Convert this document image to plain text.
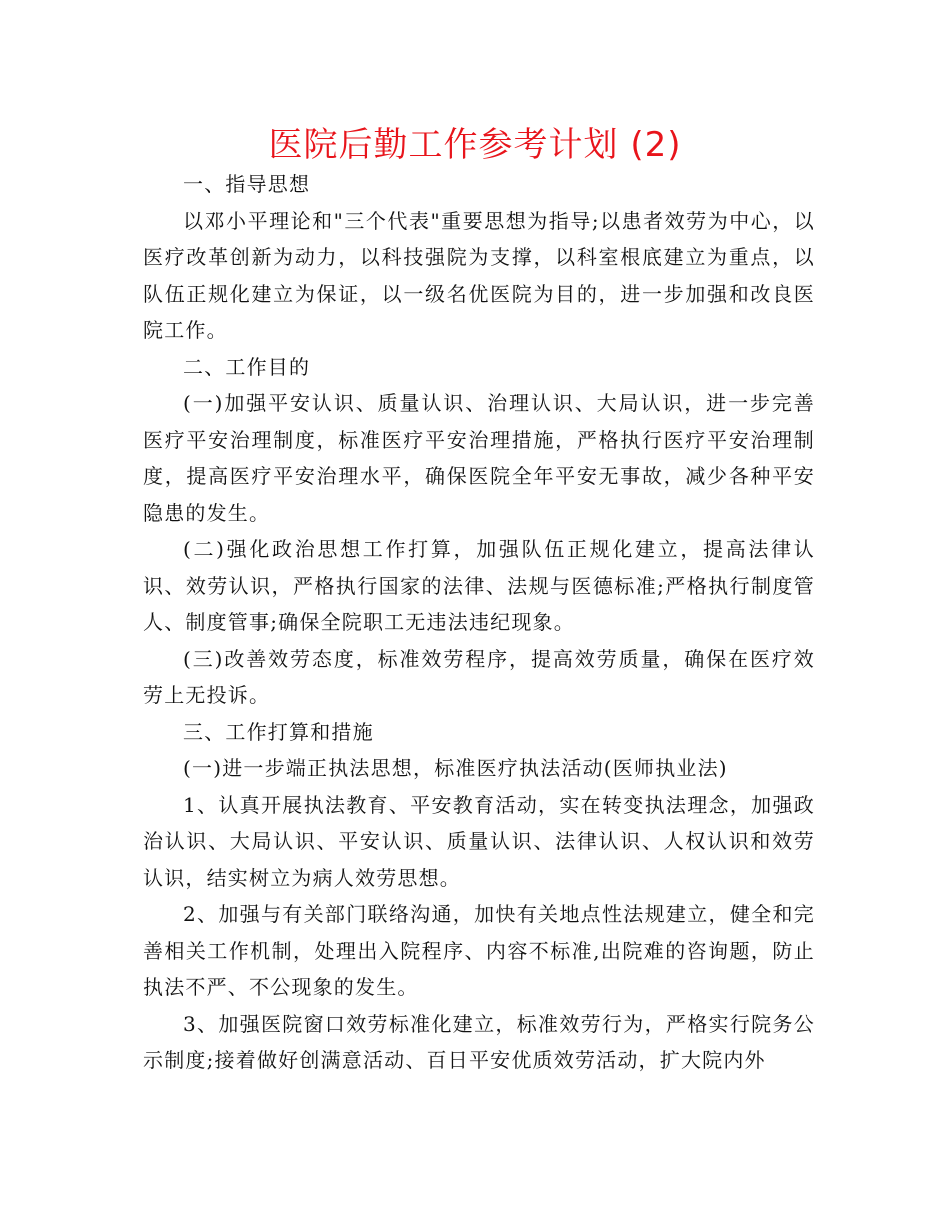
医院后勤工作参考计划 (2)

一、指导思想

以邓小平理论和"三个代表"重要思想为指导;以患者效劳为中心，以医疗改革创新为动力，以科技强院为支撑，以科室根底建立为重点，以队伍正规化建立为保证，以一级名优医院为目的，进一步加强和改良医院工作。

二、工作目的

(一)加强平安认识、质量认识、治理认识、大局认识，进一步完善医疗平安治理制度，标准医疗平安治理措施，严格执行医疗平安治理制度，提高医疗平安治理水平，确保医院全年平安无事故，减少各种平安隐患的发生。

(二)强化政治思想工作打算，加强队伍正规化建立，提高法律认识、效劳认识，严格执行国家的法律、法规与医德标准;严格执行制度管人、制度管事;确保全院职工无违法违纪现象。

(三)改善效劳态度，标准效劳程序，提高效劳质量，确保在医疗效劳上无投诉。

三、工作打算和措施

(一)进一步端正执法思想，标准医疗执法活动(医师执业法)

1、认真开展执法教育、平安教育活动，实在转变执法理念，加强政治认识、大局认识、平安认识、质量认识、法律认识、人权认识和效劳认识，结实树立为病人效劳思想。

2、加强与有关部门联络沟通，加快有关地点性法规建立，健全和完善相关工作机制，处理出入院程序、内容不标准,出院难的咨询题，防止执法不严、不公现象的发生。

3、加强医院窗口效劳标准化建立，标准效劳行为，严格实行院务公示制度;接着做好创满意活动、百日平安优质效劳活动，扩大院内外
